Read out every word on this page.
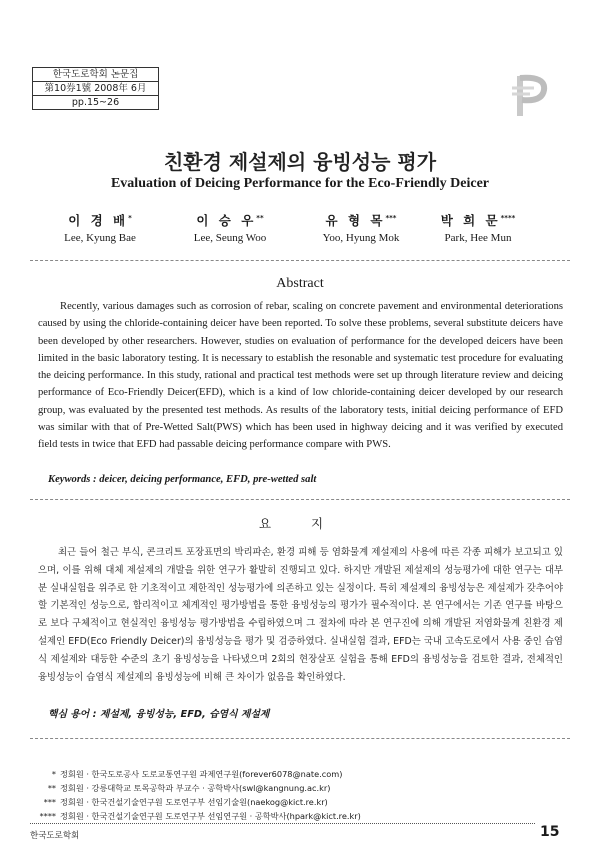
한국도로학회 논문집
第10券1號 2008年 6月
pp.15~26
친환경 제설제의 융빙성능 평가
Evaluation of Deicing Performance for the Eco-Friendly Deicer
이 경 배*
Lee, Kyung Bae
이 승 우**
Lee, Seung Woo
유 형 목***
Yoo, Hyung Mok
박 희 문****
Park, Hee Mun
Abstract
Recently, various damages such as corrosion of rebar, scaling on concrete pavement and environmental deteriorations caused by using the chloride-containing deicer have been reported. To solve these problems, several substitute deicers have been developed by other researchers. However, studies on evaluation of performance for the developed deicers have been limited in the basic laboratory testing. It is necessary to establish the resonable and systematic test procedure for evaluating the deicing performance. In this study, rational and practical test methods were set up through literature review and deicing performance of Eco-Friendly Deicer(EFD), which is a kind of low chloride-containing deicer developed by our research group, was evaluated by the presented test methods. As results of the laboratory tests, initial deicing performance of EFD was similar with that of Pre-Wetted Salt(PWS) which has been used in highway deicing and it was verified by executed field tests in twice that EFD had passable deicing performance compare with PWS.
Keywords : deicer, deicing performance, EFD, pre-wetted salt
요 지
최근 들어 철근 부식, 콘크리트 포장표면의 박리파손, 환경 피해 등 염화물계 제설제의 사용에 따른 각종 피해가 보고되고 있으며, 이를 위해 대체 제설제의 개발을 위한 연구가 활발히 진행되고 있다. 하지만 개발된 제설제의 성능평가에 대한 연구는 대부분 실내실험을 위주로 한 기초적이고 제한적인 성능평가에 의존하고 있는 실정이다. 특히 제설제의 융빙성능은 제설제가 갖추어야 할 기본적인 성능으로, 합리적이고 체계적인 평가방법을 통한 융빙성능의 평가가 필수적이다. 본 연구에서는 기존 연구를 바탕으로 보다 구체적이고 현실적인 융빙성능 평가방법을 수립하였으며 그 절차에 따라 본 연구진에 의해 개발된 저염화물계 친환경 제설제인 EFD(Eco Friendly Deicer)의 융빙성능을 평가 및 검증하였다. 실내실험 결과, EFD는 국내 고속도로에서 사용 중인 습염식 제설제와 대등한 수준의 초기 융빙성능을 나타냈으며 2회의 현장살포 실험을 통해 EFD의 융빙성능을 검토한 결과, 전체적인 융빙성능이 습염식 제설제의 융빙성능에 비해 큰 차이가 없음을 확인하였다.
핵심 용어 : 제설제, 융빙성능, EFD, 습염식 제설제
* 정회원 · 한국도로공사 도로교통연구원 과제연구원(forever6078@nate.com)
** 정회원 · 강릉대학교 토목공학과 부교수 · 공학박사(swl@kangnung.ac.kr)
*** 정회원 · 한국건설기술연구원 도로연구부 선임기술원(naekog@kict.re.kr)
**** 정회원 · 한국건설기술연구원 도로연구부 선임연구원 · 공학박사(hpark@kict.re.kr)
한국도로학회	15
